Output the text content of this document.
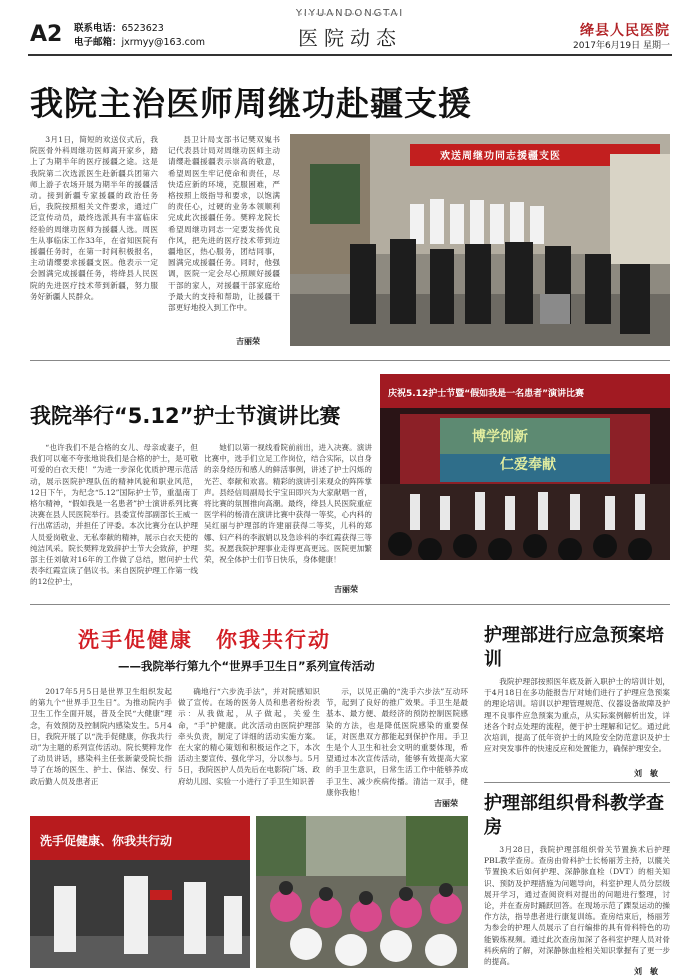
A2 联系电话：6523623
电子邮箱：jxrmyy@163.com
YIYUANDONGTAI
医院动态	绛县人民医院
2017年6月19日 星期一
我院主治医师周继功赴疆支援

3月1日，简短的欢送仪式后，我院医骨外科周继功医师离开家乡，踏上了为期半年的医疗援疆之途。这是我院第二次选派医生赴新疆兵团第六师上游子农场开展为期半年的援疆活动。接到新疆专家援疆的政治任务后，我院按照相关文件要求，通过广泛宣传动员，最终选派具有丰富临床经验的周继功医师为援疆人选。周医生从事临床工作33年，在省知医院有援疆任务时，在第一时间积极报名，主动请缨要求援疆支医。他表示一定会圆满完成援疆任务，将绛县人民医院的先进医疗技术带到新疆，努力服务好新疆人民群众。

县卫计局支部书记樊双嵬书记代表县计局对周继功医师主动请缨赴疆援疆表示崇高的敬意，希望周医生牢记使命和责任，尽快适应新的环境，克服困难，严格按照上级指导和要求，以饱满的责任心，过硬的业务本领顺利完成此次援疆任务。樊粹龙院长希望周继功同志一定要发扬优良作风，把先进的医疗技术带到边疆地区，热心服务，团结同事，圆满完成援疆任务。同时，他强调，医院一定会尽心照顾好援疆干部的家人，对援疆干部家庭给予最大的支持和帮助，让援疆干部更好地投入到工作中。

吉丽荣
欢送周继功同志援疆支医
我院举行“5.12”护士节演讲比赛
庆祝5.12护士节暨“假如我是一名患者”演讲比赛
博学创新
仁爱奉献

“也许我们不是合格的女儿、母亲或妻子，但我们可以毫不夸张地说我们是合格的护士，是可敬可爱的白衣天使！”为进一步深化优质护理示范活动，展示医院护理队伍的精神风貌和职业风范，12日下午，为纪念“5.12”国际护士节，重温南丁格尔精神，“假如我是一名患者”护士演讲系列比赛决赛在县人民医院举行。县委宣传部副部长王威一行出席活动，并担任了评委。本次比赛分在认护理人员爱岗敬业、无私奉献的精神，展示白衣天使的纯洁风采。院长樊粹龙致辞护士节大会致辞，护理部主任刘敏对16年的工作做了总结，慰问护士代表李红霞宣读了倡议书。来自医院护理工作第一线的12位护士，

她们以第一视线看院前前出，进入决赛。演讲比赛中，选手们立足工作岗位，结合实际，以自身的亲身经历和感人的鲜活事例，讲述了护士闪烁的光芒、奉献和欢喜。精彩的演讲引来观众的阵阵掌声。县经信局副局长宇宝田即兴为大家献唱一首，将比赛的氛围推向高潮。最终，绛县人民医院重症医学科的杨清在演讲比赛中获得一等奖，心内科的吴红丽与护理部的许建丽获得二等奖，儿科的郑娜、妇产科的李淑娟以及急诊科的李红霞获得三等奖。祝愿我院护理事业走得更高更远。医院更加繁荣，祝全体护士们节日快乐，身体健康！

吉丽荣
洗手促健康　你我共行动
——我院举行第九个“世界手卫生日”系列宣传活动

2017年5月5日是世界卫生组织发起的第九个“世界手卫生日”。为推动院内手卫生工作全面开展，普及全民“大健康”理念，有效预防及控制院内感染发生。5月4日，我院开展了以“洗手促健康，你我共行动”为主题的系列宣传活动。院长樊粹龙作了动员讲话，感染科主任张新蒙受院长指导了在场的医生、护士、保洁、保安、行政后勤人员及患者正

确地行“六步洗手法”，并对院感知识做了宣传。在场的医务人员和患者纷纷表示：从我做起，从子做起，关爱生命，“手”护健康。此次活动由医院护理部牵头负责，制定了详细的活动实施方案。在大家的精心策划和积极运作之下，本次活动主要宣传、强化学习，分以参与。5月5日，我院医护人员先后在电影院广场、政府幼儿园、实验一小进行了手卫生知识普

示，以见正确的“洗手六步法”互动环节，起到了良好的推广效果。手卫生是最基本、最方便、最经济的预防控制医院感染的方法，也是降低医院感染的重要保证，对医患双方都能起到保护作用。手卫生是个人卫生和社会文明的重要体现，希望通过本次宣传活动，能够有效提高大家的手卫生意识，日常生活工作中能够养成手卫生、减少疾病传播。清洁一双手，健康你我他！

吉丽荣
洗手促健康、你我共行动
护理部进行应急预案培训

我院护理部按照医年底及新入职护士的培训计划，于4月18日在多功能报告厅对她们进行了护理应急预案的理论培训。培训以护理管理规范、仪器设备故障及护理不良事件应急预案为重点，从实际案例解析出发，详述各个时点处理的流程，便于护士理解和记忆。通过此次培训，提高了低年资护士的风险安全防范意识及护士应对突发事件的快速反应和处置能力，确保护理安全。

刘　敏
护理部组织骨科教学查房

3月28日，我院护理部组织骨关节置换术后护理PBL教学查房。查房由骨科护士长杨丽芳主持，以髋关节置换术后如何护理、深静脉血栓（DVT）的相关知识、预防及护理措施为问题导向，科室护理人员分层级展开学习，通过查阅资料对提出的问题进行整理，讨论，并在查房时踊跃回答。在现场示范了踝泵运动的操作方法，指导患者进行康复训练。查房结束后，杨丽芳为参会的护理人员展示了自行编排的具有骨科特色的功能锻炼视频。通过此次查房加深了各科室护理人员对骨科疾病的了解，对深静脉血栓相关知识掌握有了更一步的提高。

刘　敏
